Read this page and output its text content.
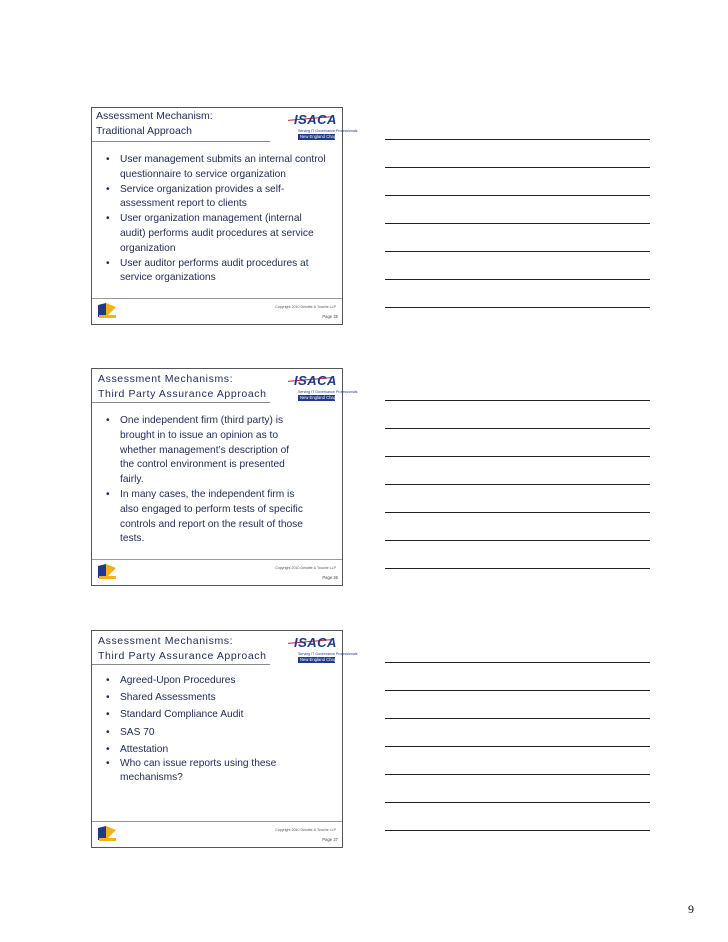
Assessment Mechanism:
Traditional Approach
ISACA
Serving IT Governance Professionals
New England Chapter
• User management submits an internal control questionnaire to service organization
• Service organization provides a self-assessment report to clients
• User organization management (internal audit) performs audit procedures at service organization
• User auditor performs audit procedures at service organizations
Copyright 2010 Deloitte & Touche LLP
Page 25
Assessment Mechanisms:
Third Party Assurance Approach
ISACA
Serving IT Governance Professionals
New England Chapter
• One independent firm (third party) is brought in to issue an opinion as to whether management’s description of the control environment is presented fairly.
• In many cases, the independent firm is also engaged to perform tests of specific controls and report on the result of those tests.
Copyright 2010 Deloitte & Touche LLP
Page 26
Assessment Mechanisms:
Third Party Assurance Approach
ISACA
Serving IT Governance Professionals
New England Chapter
• Agreed-Upon Procedures
• Shared Assessments
• Standard Compliance Audit
• SAS 70
• Attestation
• Who can issue reports using these mechanisms?
Copyright 2010 Deloitte & Touche LLP
Page 27
9
